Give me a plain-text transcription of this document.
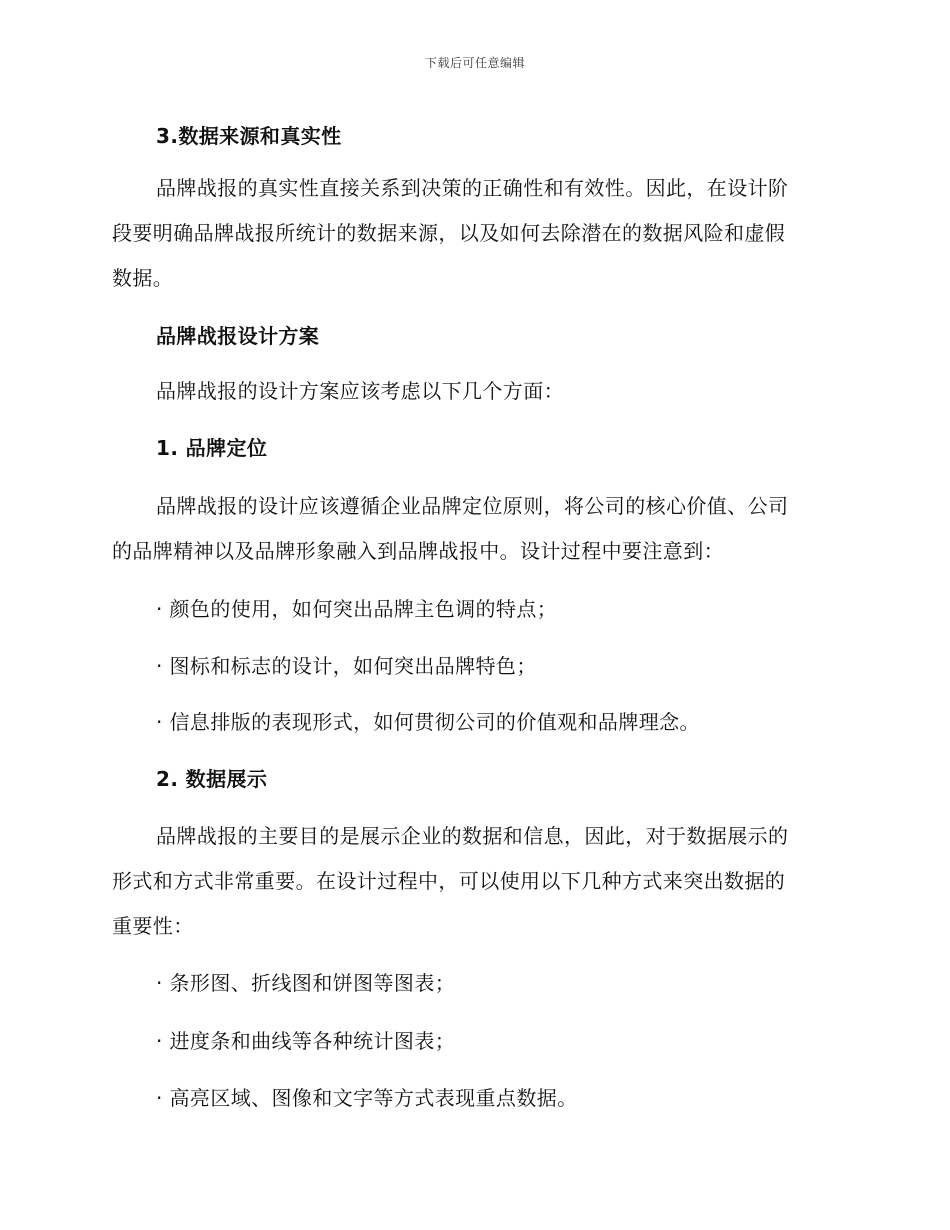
下载后可任意编辑
3.数据来源和真实性
品牌战报的真实性直接关系到决策的正确性和有效性。因此，在设计阶
段要明确品牌战报所统计的数据来源，以及如何去除潜在的数据风险和虚假
数据。
品牌战报设计方案
品牌战报的设计方案应该考虑以下几个方面：
1. 品牌定位
品牌战报的设计应该遵循企业品牌定位原则，将公司的核心价值、公司
的品牌精神以及品牌形象融入到品牌战报中。设计过程中要注意到：
· 颜色的使用，如何突出品牌主色调的特点；
· 图标和标志的设计，如何突出品牌特色；
· 信息排版的表现形式，如何贯彻公司的价值观和品牌理念。
2. 数据展示
品牌战报的主要目的是展示企业的数据和信息，因此，对于数据展示的
形式和方式非常重要。在设计过程中，可以使用以下几种方式来突出数据的
重要性：
· 条形图、折线图和饼图等图表；
· 进度条和曲线等各种统计图表；
· 高亮区域、图像和文字等方式表现重点数据。
